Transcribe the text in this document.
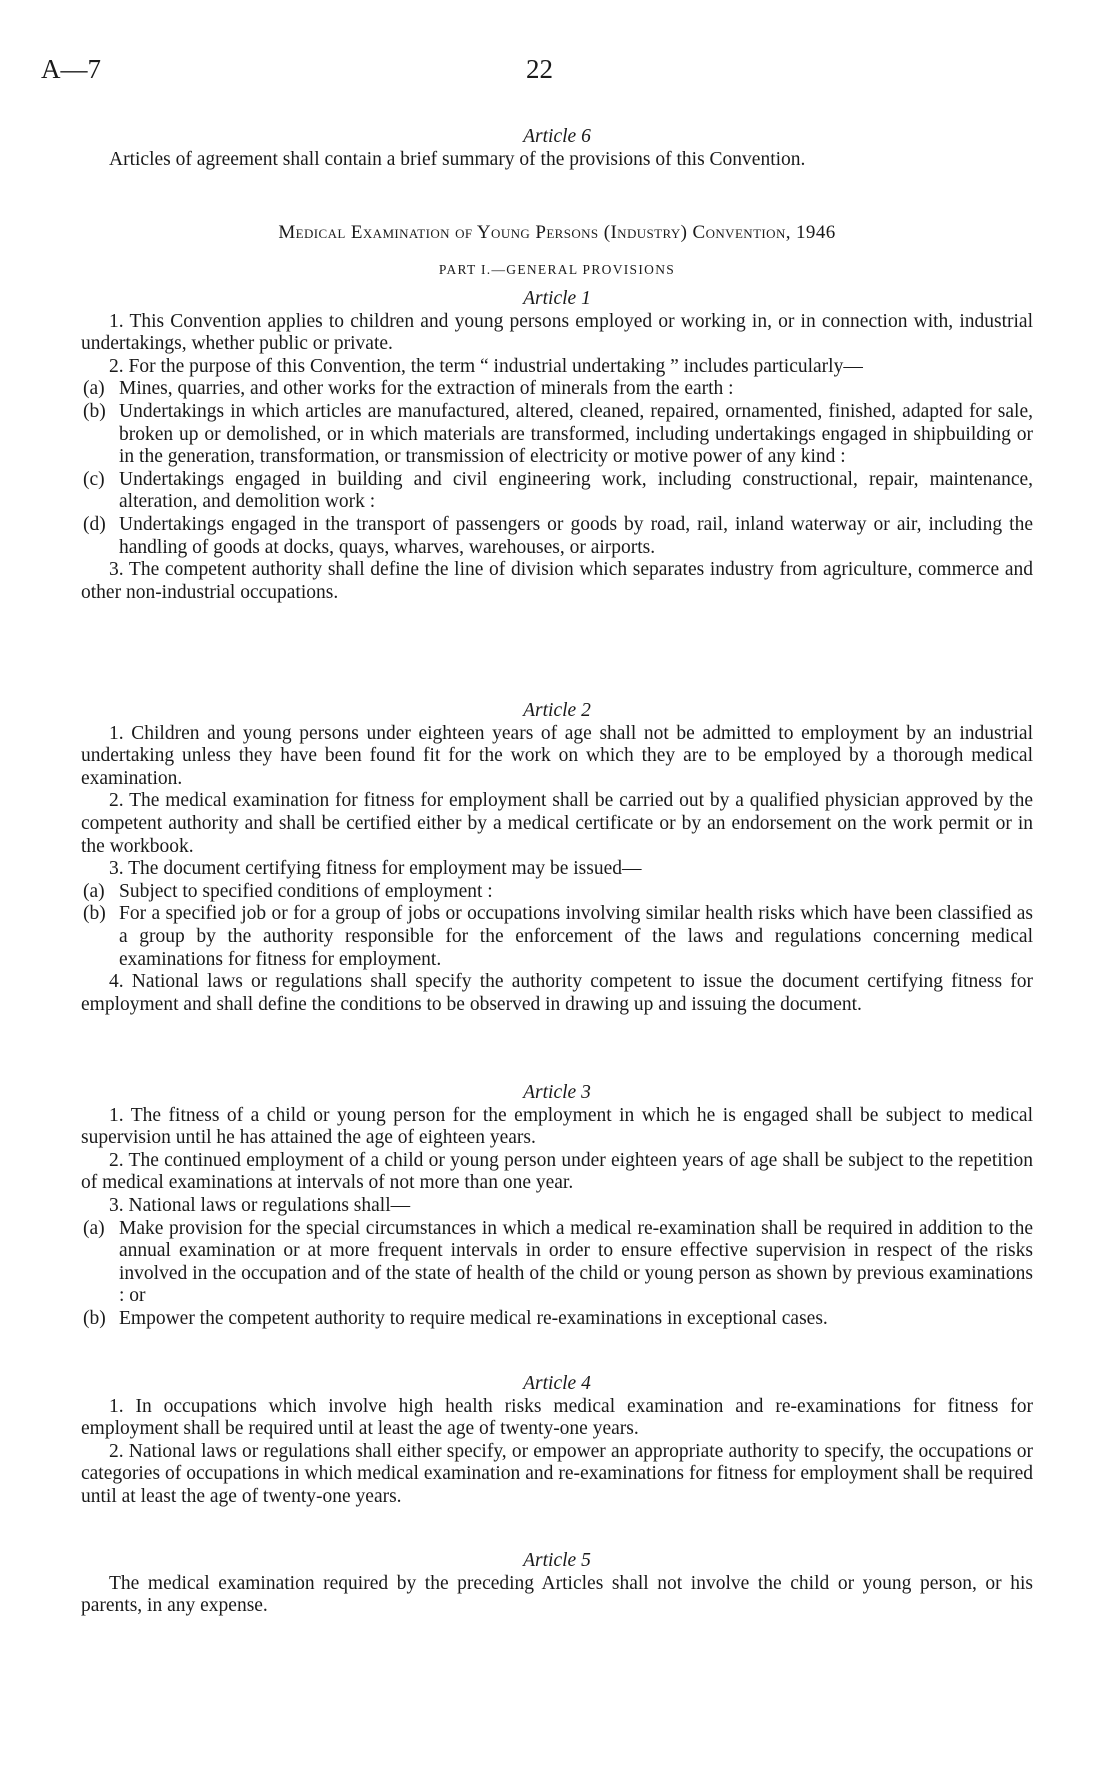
A—7	22

Article 6

Articles of agreement shall contain a brief summary of the provisions of this Convention.

Medical Examination of Young Persons (Industry) Convention, 1946

PART I.—GENERAL PROVISIONS

Article 1

1. This Convention applies to children and young persons employed or working in, or in connection with, industrial undertakings, whether public or private.

2. For the purpose of this Convention, the term “ industrial undertaking ” includes particularly—

(a) Mines, quarries, and other works for the extraction of minerals from the earth :
(b) Undertakings in which articles are manufactured, altered, cleaned, repaired, ornamented, finished, adapted for sale, broken up or demolished, or in which materials are transformed, including undertakings engaged in shipbuilding or in the generation, transformation, or transmission of electricity or motive power of any kind :
(c) Undertakings engaged in building and civil engineering work, including constructional, repair, maintenance, alteration, and demolition work :
(d) Undertakings engaged in the transport of passengers or goods by road, rail, inland waterway or air, including the handling of goods at docks, quays, wharves, warehouses, or airports.

3. The competent authority shall define the line of division which separates industry from agriculture, commerce and other non-industrial occupations.

Article 2

1. Children and young persons under eighteen years of age shall not be admitted to employment by an industrial undertaking unless they have been found fit for the work on which they are to be employed by a thorough medical examination.

2. The medical examination for fitness for employment shall be carried out by a qualified physician approved by the competent authority and shall be certified either by a medical certificate or by an endorsement on the work permit or in the workbook.

3. The document certifying fitness for employment may be issued—

(a) Subject to specified conditions of employment :
(b) For a specified job or for a group of jobs or occupations involving similar health risks which have been classified as a group by the authority responsible for the enforcement of the laws and regulations concerning medical examinations for fitness for employment.

4. National laws or regulations shall specify the authority competent to issue the document certifying fitness for employment and shall define the conditions to be observed in drawing up and issuing the document.

Article 3

1. The fitness of a child or young person for the employment in which he is engaged shall be subject to medical supervision until he has attained the age of eighteen years.

2. The continued employment of a child or young person under eighteen years of age shall be subject to the repetition of medical examinations at intervals of not more than one year.

3. National laws or regulations shall—

(a) Make provision for the special circumstances in which a medical re-examination shall be required in addition to the annual examination or at more frequent intervals in order to ensure effective supervision in respect of the risks involved in the occupation and of the state of health of the child or young person as shown by previous examinations : or
(b) Empower the competent authority to require medical re-examinations in exceptional cases.

Article 4

1. In occupations which involve high health risks medical examination and re-examinations for fitness for employment shall be required until at least the age of twenty-one years.

2. National laws or regulations shall either specify, or empower an appropriate authority to specify, the occupations or categories of occupations in which medical examination and re-examinations for fitness for employment shall be required until at least the age of twenty-one years.

Article 5

The medical examination required by the preceding Articles shall not involve the child or young person, or his parents, in any expense.
